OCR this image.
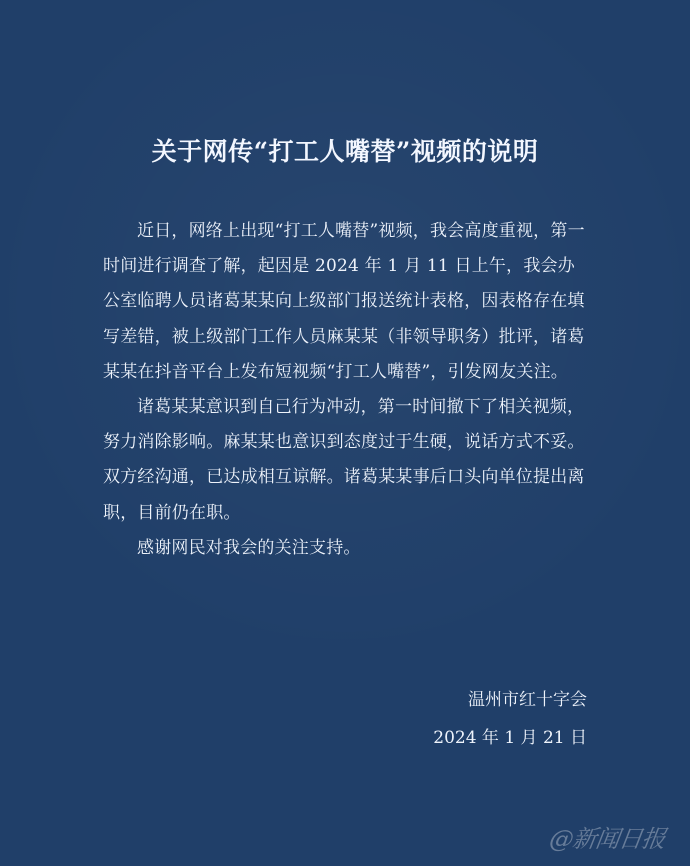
关于网传“打工人嘴替”视频的说明

近日，网络上出现“打工人嘴替”视频，我会高度重视，第一时间进行调查了解，起因是 2024 年 1 月 11 日上午，我会办公室临聘人员诸葛某某向上级部门报送统计表格，因表格存在填写差错，被上级部门工作人员麻某某（非领导职务）批评，诸葛某某在抖音平台上发布短视频“打工人嘴替”，引发网友关注。

诸葛某某意识到自己行为冲动，第一时间撤下了相关视频，努力消除影响。麻某某也意识到态度过于生硬，说话方式不妥。双方经沟通，已达成相互谅解。诸葛某某事后口头向单位提出离职，目前仍在职。

感谢网民对我会的关注支持。

温州市红十字会
2024 年 1 月 21 日
@新闻日报
